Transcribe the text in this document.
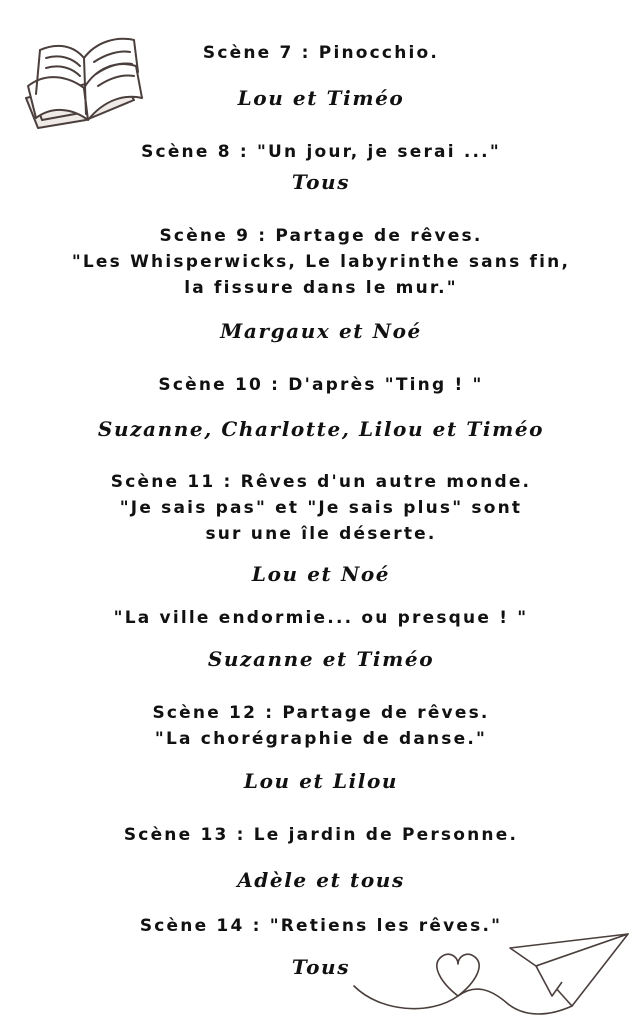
Scène 7 : Pinocchio.
Lou et Timéo
Scène 8 : "Un jour, je serai ..."
Tous
Scène 9 : Partage de rêves.
"Les Whisperwicks, Le labyrinthe sans fin,
la fissure dans le mur."
Margaux et Noé
Scène 10 : D'après "Ting ! "
Suzanne, Charlotte, Lilou et Timéo
Scène 11 : Rêves d'un autre monde.
"Je sais pas" et "Je sais plus" sont
sur une île déserte.
Lou et Noé
"La ville endormie... ou presque ! "
Suzanne et Timéo
Scène 12 : Partage de rêves.
"La chorégraphie de danse."
Lou et Lilou
Scène 13 : Le jardin de Personne.
Adèle et tous
Scène 14 : "Retiens les rêves."
Tous
